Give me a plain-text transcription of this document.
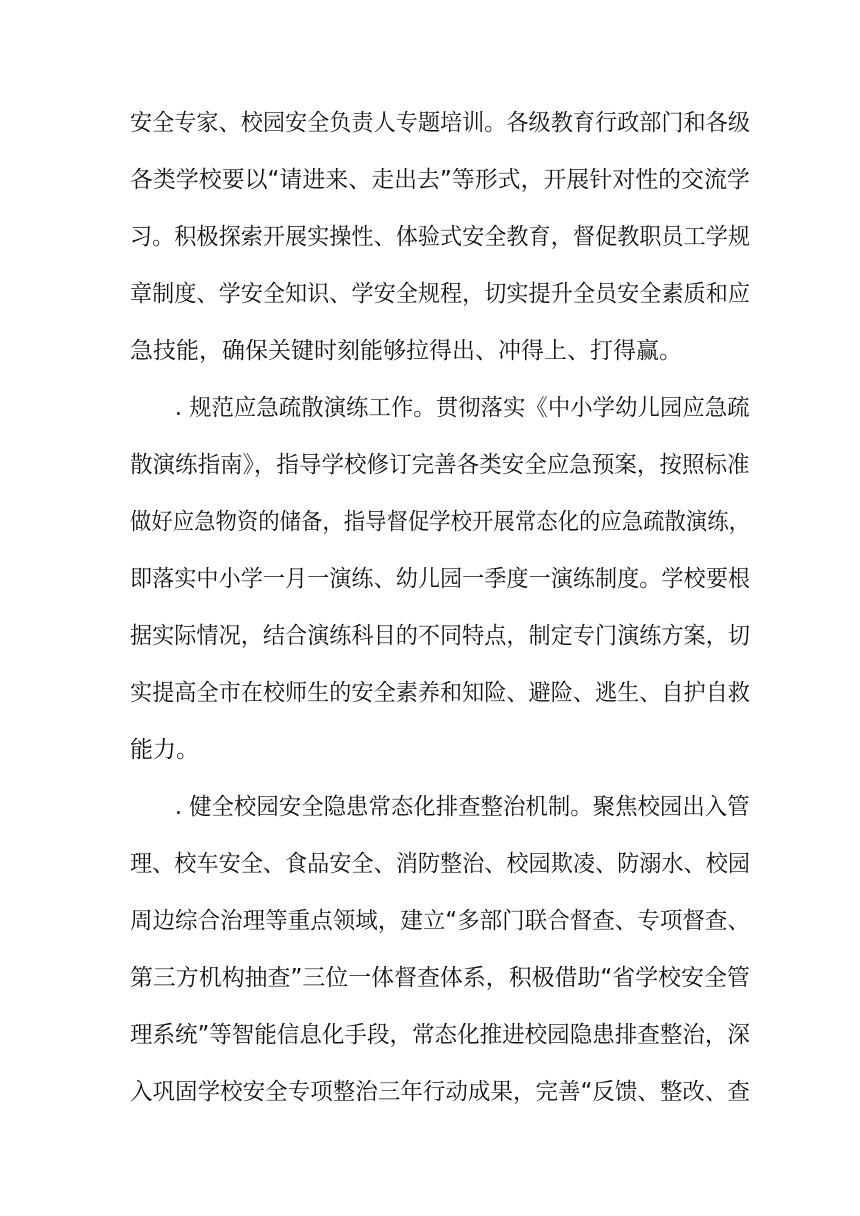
安全专家、校园安全负责人专题培训。各级教育行政部门和各级
各类学校要以“请进来、走出去”等形式，开展针对性的交流学
习。积极探索开展实操性、体验式安全教育，督促教职员工学规
章制度、学安全知识、学安全规程，切实提升全员安全素质和应
急技能，确保关键时刻能够拉得出、冲得上、打得赢。
　　. 规范应急疏散演练工作。贯彻落实《中小学幼儿园应急疏
散演练指南》，指导学校修订完善各类安全应急预案，按照标准
做好应急物资的储备，指导督促学校开展常态化的应急疏散演练，
即落实中小学一月一演练、幼儿园一季度一演练制度。学校要根
据实际情况，结合演练科目的不同特点，制定专门演练方案，切
实提高全市在校师生的安全素养和知险、避险、逃生、自护自救
能力。
　　. 健全校园安全隐患常态化排查整治机制。聚焦校园出入管
理、校车安全、食品安全、消防整治、校园欺凌、防溺水、校园
周边综合治理等重点领域，建立“多部门联合督查、专项督查、
第三方机构抽查”三位一体督查体系，积极借助“省学校安全管
理系统”等智能信息化手段，常态化推进校园隐患排查整治，深
入巩固学校安全专项整治三年行动成果，完善“反馈、整改、查
